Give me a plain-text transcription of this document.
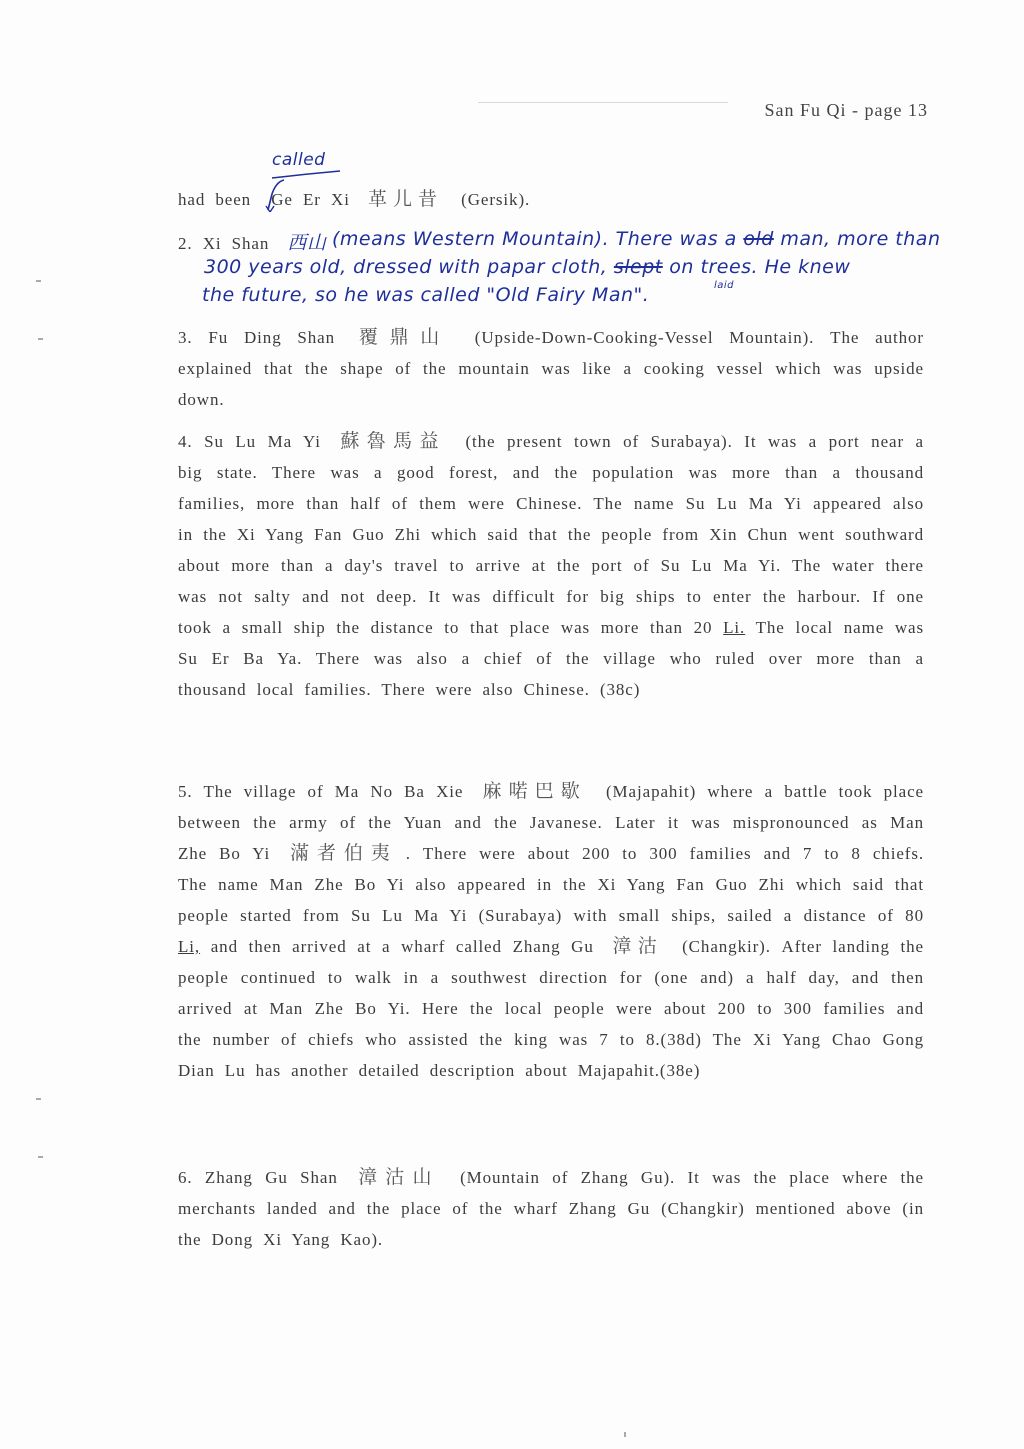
San Fu Qi - page 13
called
had been Ge Er Xi 革儿昔 (Gersik).
2. Xi Shan 西山 (means Western Mountain). There was a old man, more than
300 years old, dressed with papar cloth, slept on trees. He knew
the future, so he was called "Old Fairy Man".	laid
3. Fu Ding Shan 覆鼎山 (Upside-Down-Cooking-Vessel Mountain). The author explained that the shape of the mountain was like a cooking vessel which was upside down.
4. Su Lu Ma Yi 蘇魯馬益 (the present town of Surabaya). It was a port near a big state. There was a good forest, and the population was more than a thousand families, more than half of them were Chinese. The name Su Lu Ma Yi appeared also in the Xi Yang Fan Guo Zhi which said that the people from Xin Chun went southward about more than a day's travel to arrive at the port of Su Lu Ma Yi. The water there was not salty and not deep. It was difficult for big ships to enter the harbour. If one took a small ship the distance to that place was more than 20 Li. The local name was Su Er Ba Ya. There was also a chief of the village who ruled over more than a thousand local families. There were also Chinese. (38c)
5. The village of Ma No Ba Xie 麻喏巴歇 (Majapahit) where a battle took place between the army of the Yuan and the Javanese. Later it was mispronounced as Man Zhe Bo Yi 滿者伯夷 . There were about 200 to 300 families and 7 to 8 chiefs. The name Man Zhe Bo Yi also appeared in the Xi Yang Fan Guo Zhi which said that people started from Su Lu Ma Yi (Surabaya) with small ships, sailed a distance of 80 Li, and then arrived at a wharf called Zhang Gu 漳沽 (Changkir). After landing the people continued to walk in a southwest direction for (one and) a half day, and then arrived at Man Zhe Bo Yi. Here the local people were about 200 to 300 families and the number of chiefs who assisted the king was 7 to 8.(38d) The Xi Yang Chao Gong Dian Lu has another detailed description about Majapahit.(38e)
6. Zhang Gu Shan 漳沽山 (Mountain of Zhang Gu). It was the place where the merchants landed and the place of the wharf Zhang Gu (Changkir) mentioned above (in the Dong Xi Yang Kao).
